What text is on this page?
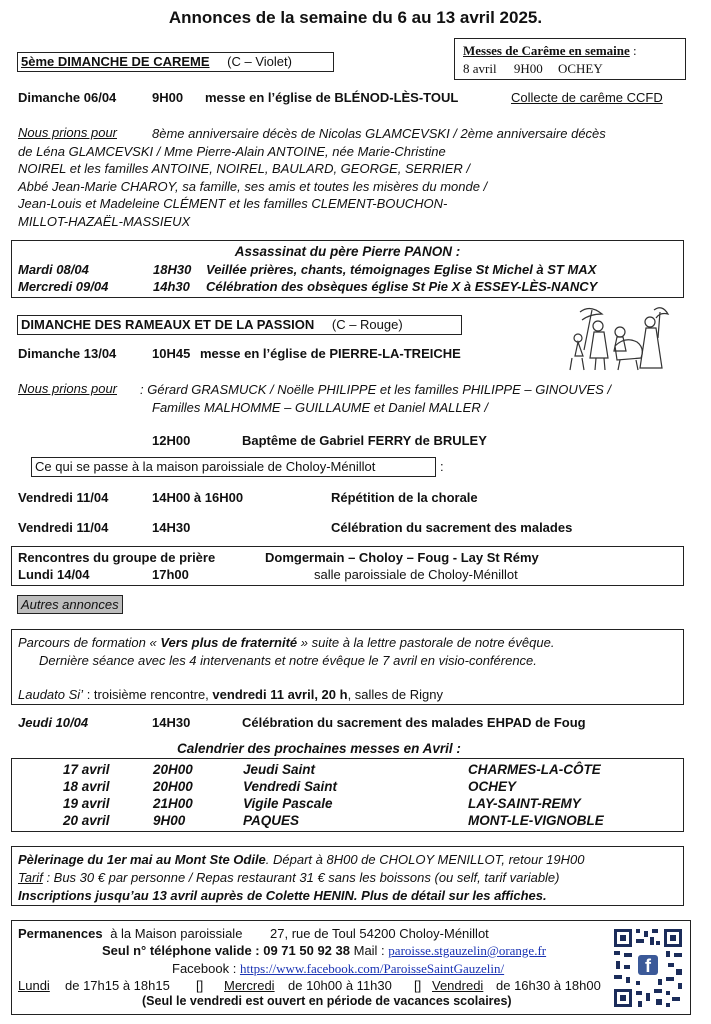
Annonces de la semaine du 6 au 13 avril 2025.
Messes de Carême en semaine :
8 avril 9H00 OCHEY
5ème DIMANCHE DE CAREME (C – Violet)
Dimanche 06/04	9H00 messe en l’église de BLÉNOD-LÈS-TOUL	Collecte de carême CCFD
Nous prions pour	8ème anniversaire décès de Nicolas GLAMCEVSKI / 2ème anniversaire décès
de Léna GLAMCEVSKI / Mme Pierre-Alain ANTOINE, née Marie-Christine
NOIREL et les familles ANTOINE, NOIREL, BAULARD, GEORGE, SERRIER /
Abbé Jean-Marie CHAROY, sa famille, ses amis et toutes les misères du monde /
Jean-Louis et Madeleine CLÉMENT et les familles CLEMENT-BOUCHON-
MILLOT-HAZAËL-MASSIEUX
Assassinat du père Pierre PANON :
Mardi 08/04	18H30 Veillée prières, chants, témoignages Eglise St Michel à ST MAX
Mercredi 09/04	14h30 Célébration des obsèques église St Pie X à ESSEY-LÈS-NANCY
DIMANCHE DES RAMEAUX ET DE LA PASSION (C – Rouge)
Dimanche 13/04	10H45 messe en l’église de PIERRE-LA-TREICHE
Nous prions pour : Gérard GRASMUCK / Noëlle PHILIPPE et les familles PHILIPPE – GINOUVES /
Familles MALHOMME – GUILLAUME et Daniel MALLER /
12H00	Baptême de Gabriel FERRY de BRULEY
Ce qui se passe à la maison paroissiale de Choloy-Ménillot	:
Vendredi 11/04	14H00 à 16H00	Répétition de la chorale
Vendredi 11/04	14H30	Célébration du sacrement des malades
Rencontres du groupe de prière	Domgermain – Choloy – Foug - Lay St Rémy
Lundi 14/04	17h00	salle paroissiale de Choloy-Ménillot
Autres annonces
Parcours de formation « Vers plus de fraternité » suite à la lettre pastorale de notre évêque.
Dernière séance avec les 4 intervenants et notre évêque le 7 avril en visio-conférence.
Laudato Si’ : troisième rencontre, vendredi 11 avril, 20 h, salles de Rigny
Jeudi 10/04	14H30	Célébration du sacrement des malades EHPAD de Foug
Calendrier des prochaines messes en Avril :
17 avril	20H00	Jeudi Saint	CHARMES-LA-CÔTE
18 avril	20H00	Vendredi Saint	OCHEY
19 avril	21H00	Vigile Pascale	LAY-SAINT-REMY
20 avril	9H00	PAQUES	MONT-LE-VIGNOBLE
Pèlerinage du 1er mai au Mont Ste Odile. Départ à 8H00 de CHOLOY MENILLOT, retour 19H00
Tarif : Bus 30 € par personne / Repas restaurant 31 € sans les boissons (ou self, tarif variable)
Inscriptions jusqu’au 13 avril auprès de Colette HENIN. Plus de détail sur les affiches.
Permanences à la Maison paroissiale 27, rue de Toul 54200 Choloy-Ménillot
Seul n° téléphone valide : 09 71 50 92 38 Mail : paroisse.stgauzelin@orange.fr
Facebook : https://www.facebook.com/ParoisseSaintGauzelin/
Lundi de 17h15 à 18h15 [] Mercredi de 10h00 à 11h30 [] Vendredi de 16h30 à 18h00
(Seul le vendredi est ouvert en période de vacances scolaires)
f
